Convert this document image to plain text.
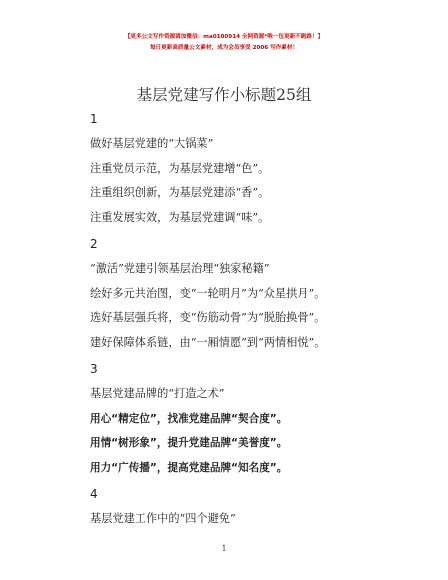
【更多公文写作资源请加微信：ma0180914 全网资源*唯一包更新不跑路！】
每日更新高质量公文素材，成为会员享受 2006 写作素材！
基层党建写作小标题25组
1
做好基层党建的“大锅菜”
注重党员示范，为基层党建增“色”。
注重组织创新，为基层党建添“香”。
注重发展实效，为基层党建调“味”。
2
“激活”党建引领基层治理“独家秘籍”
绘好多元共治图，变“一轮明月”为“众星拱月”。
选好基层强兵将，变“伤筋动骨”为“脱胎换骨”。
建好保障体系链，由“一厢情愿”到“两情相悦”。
3
基层党建品牌的“打造之术”
用心“精定位”，找准党建品牌“契合度”。
用情“树形象”，提升党建品牌“美誉度”。
用力“广传播”，提高党建品牌“知名度”。
4
基层党建工作中的“四个避免”
1
